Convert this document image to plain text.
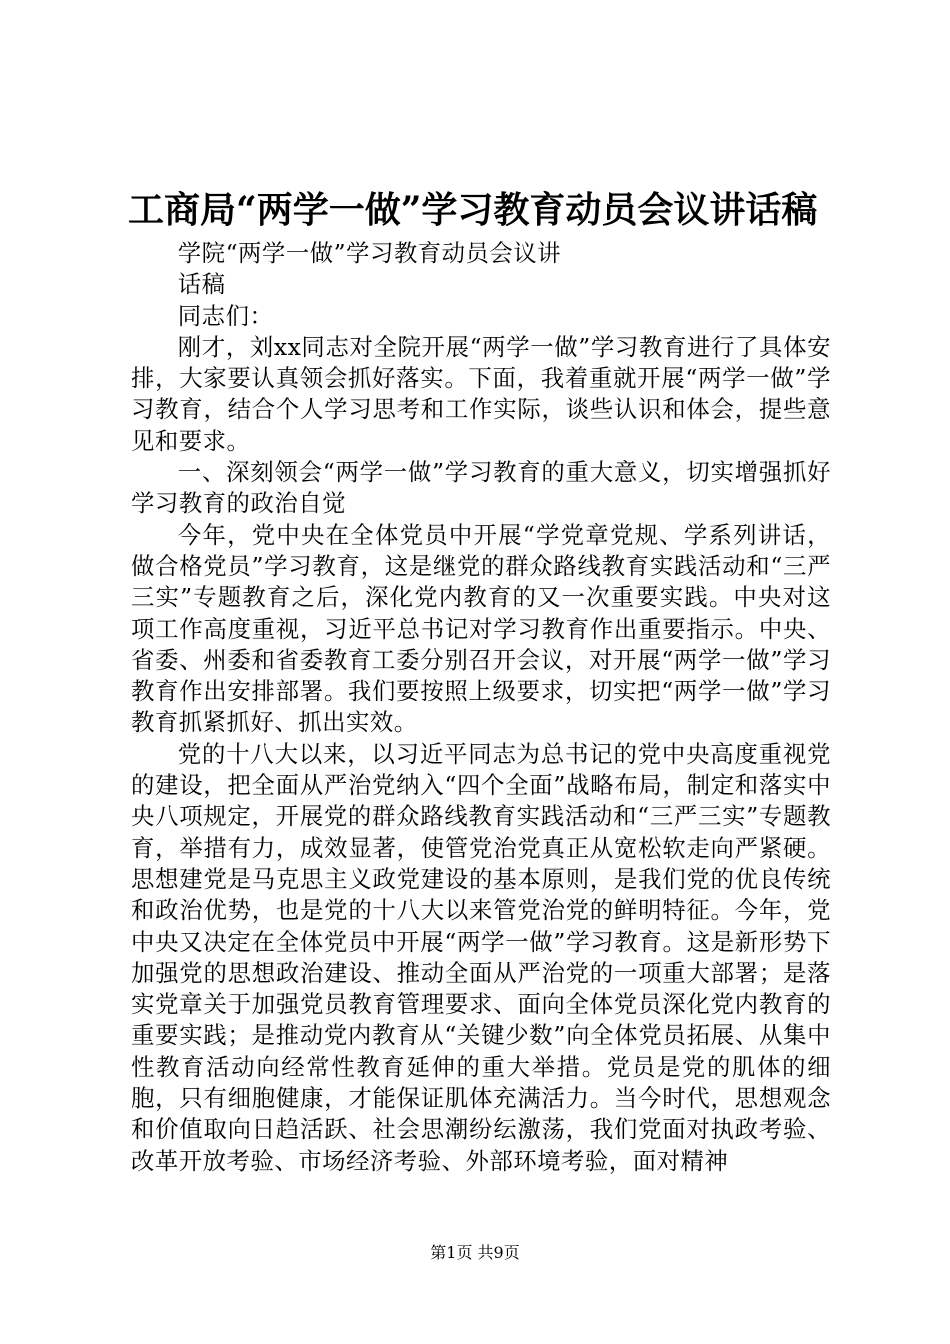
工商局“两学一做”学习教育动员会议讲话稿

学院“两学一做”学习教育动员会议讲

话稿

同志们：

刚才，刘xx同志对全院开展“两学一做”学习教育进行了具体安排，大家要认真领会抓好落实。下面，我着重就开展“两学一做”学习教育，结合个人学习思考和工作实际，谈些认识和体会，提些意见和要求。

一、深刻领会“两学一做”学习教育的重大意义，切实增强抓好学习教育的政治自觉

今年，党中央在全体党员中开展“学党章党规、学系列讲话，做合格党员”学习教育，这是继党的群众路线教育实践活动和“三严三实”专题教育之后，深化党内教育的又一次重要实践。中央对这项工作高度重视，习近平总书记对学习教育作出重要指示。中央、省委、州委和省委教育工委分别召开会议，对开展“两学一做”学习教育作出安排部署。我们要按照上级要求，切实把“两学一做”学习教育抓紧抓好、抓出实效。

党的十八大以来，以习近平同志为总书记的党中央高度重视党的建设，把全面从严治党纳入“四个全面”战略布局，制定和落实中央八项规定，开展党的群众路线教育实践活动和“三严三实”专题教育，举措有力，成效显著，使管党治党真正从宽松软走向严紧硬。思想建党是马克思主义政党建设的基本原则，是我们党的优良传统和政治优势，也是党的十八大以来管党治党的鲜明特征。今年，党中央又决定在全体党员中开展“两学一做”学习教育。这是新形势下加强党的思想政治建设、推动全面从严治党的一项重大部署；是落实党章关于加强党员教育管理要求、面向全体党员深化党内教育的重要实践；是推动党内教育从“关键少数”向全体党员拓展、从集中性教育活动向经常性教育延伸的重大举措。党员是党的肌体的细胞，只有细胞健康，才能保证肌体充满活力。当今时代，思想观念和价值取向日趋活跃、社会思潮纷纭激荡，我们党面对执政考验、改革开放考验、市场经济考验、外部环境考验，面对精神

第1页 共9页
